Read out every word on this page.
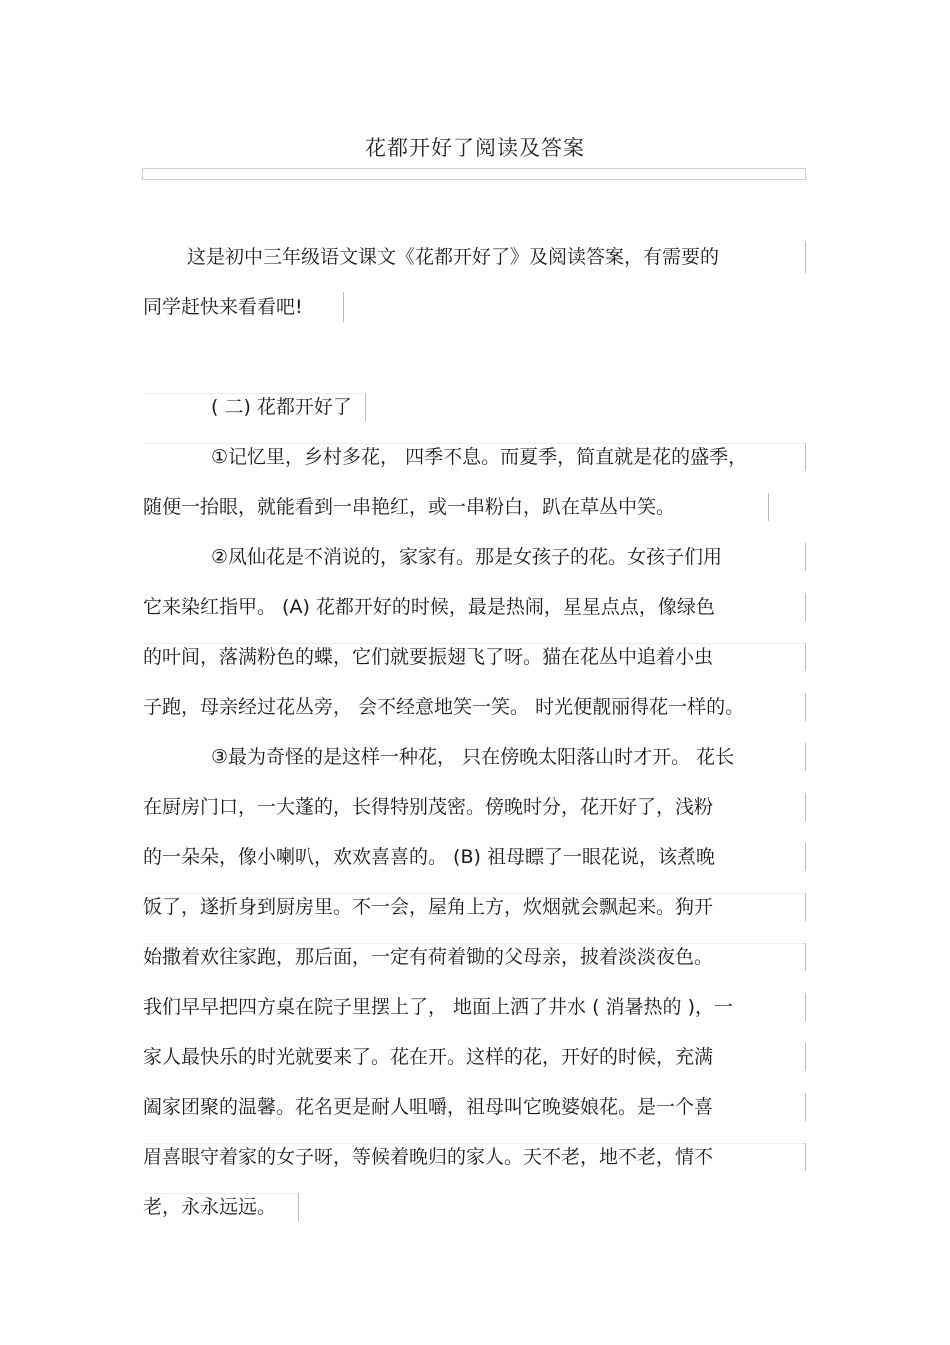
花都开好了阅读及答案
这是初中三年级语文课文《花都开好了》及阅读答案，有需要的
同学赶快来看看吧!
( 二) 花都开好了
①记忆里，乡村多花， 四季不息。而夏季，简直就是花的盛季，
随便一抬眼，就能看到一串艳红，或一串粉白，趴在草丛中笑。
②凤仙花是不消说的，家家有。那是女孩子的花。女孩子们用
它来染红指甲。 (A) 花都开好的时候，最是热闹，星星点点，像绿色
的叶间，落满粉色的蝶，它们就要振翅飞了呀。猫在花丛中追着小虫
子跑，母亲经过花丛旁， 会不经意地笑一笑。 时光便靓丽得花一样的。
③最为奇怪的是这样一种花， 只在傍晚太阳落山时才开。 花长
在厨房门口，一大蓬的，长得特别茂密。傍晚时分，花开好了，浅粉
的一朵朵，像小喇叭，欢欢喜喜的。 (B) 祖母瞟了一眼花说，该煮晚
饭了，遂折身到厨房里。不一会，屋角上方，炊烟就会飘起来。狗开
始撒着欢往家跑，那后面，一定有荷着锄的父母亲，披着淡淡夜色。
我们早早把四方桌在院子里摆上了， 地面上洒了井水 ( 消暑热的 )，一
家人最快乐的时光就要来了。花在开。这样的花，开好的时候，充满
阖家团聚的温馨。花名更是耐人咀嚼，祖母叫它晚婆娘花。是一个喜
眉喜眼守着家的女子呀，等候着晚归的家人。天不老，地不老，情不
老，永永远远。
